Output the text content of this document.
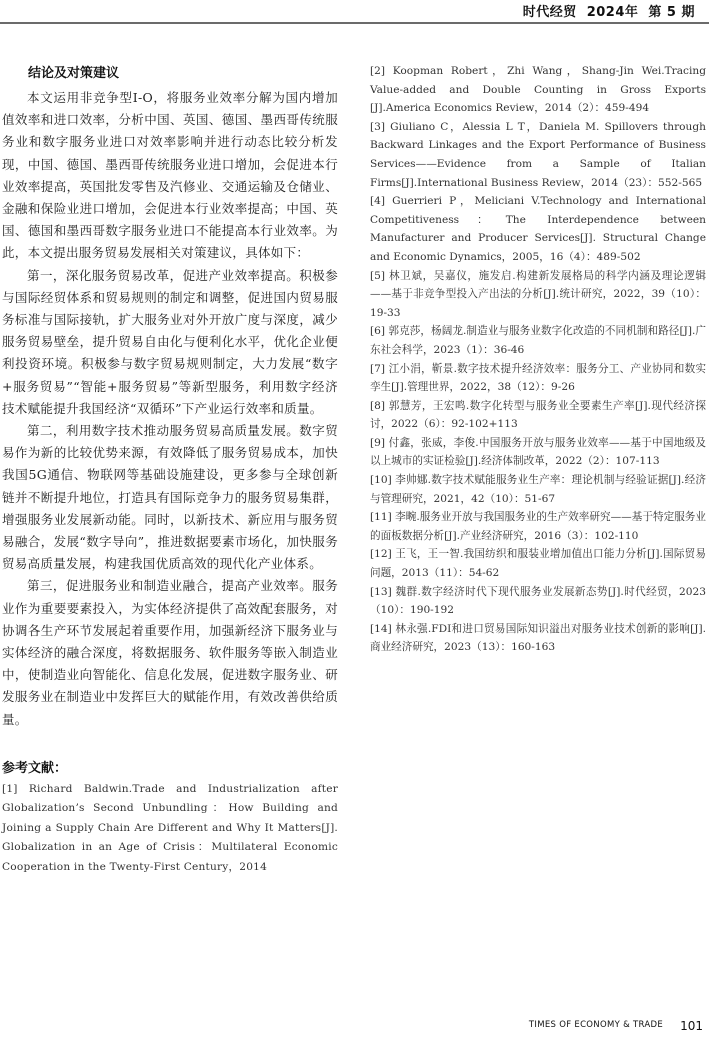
时代经贸 2024年 第 5 期
结论及对策建议

本文运用非竞争型I-O，将服务业效率分解为国内增加值效率和进口效率，分析中国、英国、德国、墨西哥传统服务业和数字服务业进口对效率影响并进行动态比较分析发现，中国、德国、墨西哥传统服务业进口增加，会促进本行业效率提高，英国批发零售及汽修业、交通运输及仓储业、金融和保险业进口增加，会促进本行业效率提高；中国、英国、德国和墨西哥数字服务业进口不能提高本行业效率。为此，本文提出服务贸易发展相关对策建议，具体如下：

第一，深化服务贸易改革，促进产业效率提高。积极参与国际经贸体系和贸易规则的制定和调整，促进国内贸易服务标准与国际接轨，扩大服务业对外开放广度与深度，减少服务贸易壁垒，提升贸易自由化与便利化水平，优化企业便利投资环境。积极参与数字贸易规则制定，大力发展“数字+服务贸易”“智能+服务贸易”等新型服务，利用数字经济技术赋能提升我国经济“双循环”下产业运行效率和质量。

第二，利用数字技术推动服务贸易高质量发展。数字贸易作为新的比较优势来源，有效降低了服务贸易成本，加快我国5G通信、物联网等基础设施建设，更多参与全球创新链并不断提升地位，打造具有国际竞争力的服务贸易集群，增强服务业发展新动能。同时，以新技术、新应用与服务贸易融合，发展“数字导向”，推进数据要素市场化，加快服务贸易高质量发展，构建我国优质高效的现代化产业体系。

第三，促进服务业和制造业融合，提高产业效率。服务业作为重要要素投入，为实体经济提供了高效配套服务，对协调各生产环节发展起着重要作用，加强新经济下服务业与实体经济的融合深度，将数据服务、软件服务等嵌入制造业中，使制造业向智能化、信息化发展，促进数字服务业、研发服务业在制造业中发挥巨大的赋能作用，有效改善供给质量。

参考文献：

[1] Richard Baldwin.Trade and Industrialization after Globalization’s Second Unbundling：How Building and Joining a Supply Chain Are Different and Why It Matters[J]. Globalization in an Age of Crisis：Multilateral Economic Cooperation in the Twenty-First Century，2014

[2] Koopman Robert，Zhi Wang，Shang-Jin Wei.Tracing Value-added and Double Counting in Gross Exports [J].America Economics Review，2014（2）：459-494

[3] Giuliano C，Alessia L T，Daniela M. Spillovers through Backward Linkages and the Export Performance of Business Services——Evidence from a Sample of Italian Firms[J].International Business Review，2014（23）：552-565

[4] Guerrieri P，Meliciani V.Technology and International Competitiveness：The Interdependence between Manufacturer and Producer Services[J]. Structural Change and Economic Dynamics，2005，16（4）：489-502

[5] 林卫斌，吴嘉仪，施发启.构建新发展格局的科学内涵及理论逻辑——基于非竞争型投入产出法的分析[J].统计研究，2022，39（10）：19-33

[6] 郭克莎，杨阔龙.制造业与服务业数字化改造的不同机制和路径[J].广东社会科学，2023（1）：36-46

[7] 江小涓，靳景.数字技术提升经济效率：服务分工、产业协同和数实孪生[J].管理世界，2022，38（12）：9-26

[8] 郭慧芳，王宏鸣.数字化转型与服务业全要素生产率[J].现代经济探讨，2022（6）：92-102+113

[9] 付鑫，张威，李俊.中国服务开放与服务业效率——基于中国地级及以上城市的实证检验[J].经济体制改革，2022（2）：107-113

[10] 李帅娜.数字技术赋能服务业生产率：理论机制与经验证据[J].经济与管理研究，2021，42（10）：51-67

[11] 李畹.服务业开放与我国服务业的生产效率研究——基于特定服务业的面板数据分析[J].产业经济研究，2016（3）：102-110

[12] 王飞，王一智.我国纺织和服装业增加值出口能力分析[J].国际贸易问题，2013（11）：54-62

[13] 魏群.数字经济时代下现代服务业发展新态势[J].时代经贸，2023（10）：190-192

[14] 林永强.FDI和进口贸易国际知识溢出对服务业技术创新的影响[J].商业经济研究，2023（13）：160-163

TIMES OF ECONOMY & TRADE 101
